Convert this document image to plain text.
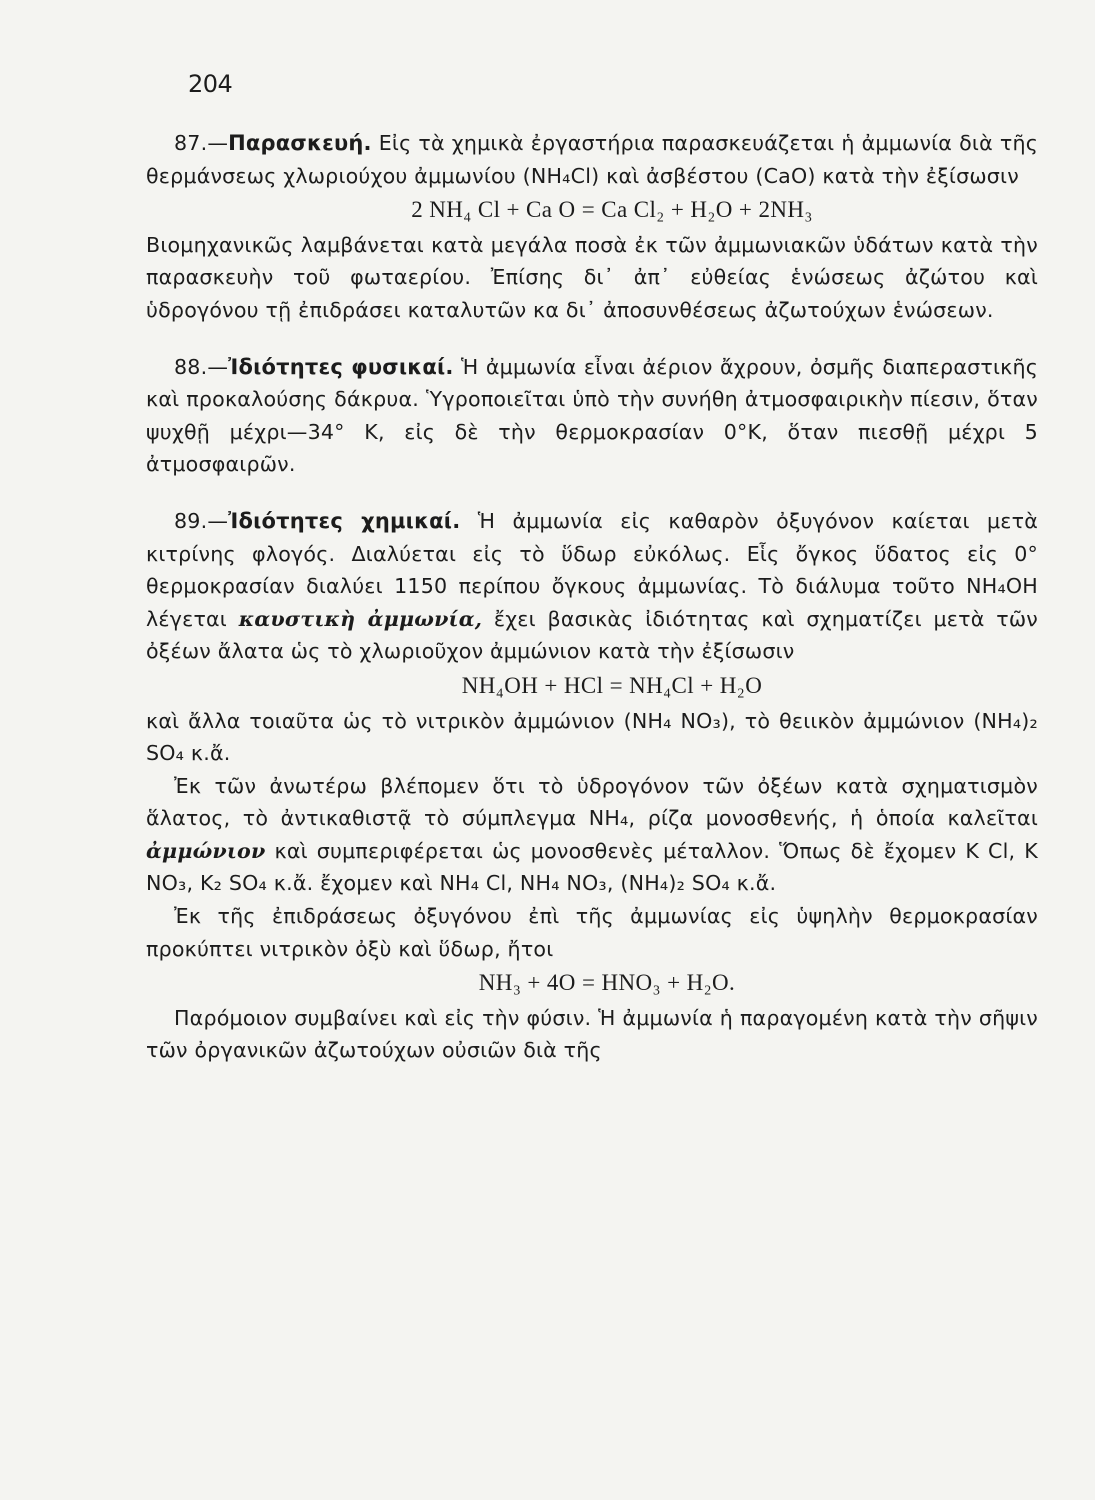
204

87.—Παρασκευή. Εἰς τὰ χημικὰ ἐργαστήρια παρασκευάζεται ἡ ἀμμωνία διὰ τῆς θερμάνσεως χλωριούχου ἀμμωνίου (NH₄Cl) καὶ ἀσβέστου (CaO) κατὰ τὴν ἐξίσωσιν

2 NH₄ Cl + Ca O = Ca Cl₂ + H₂O + 2NH₃

Βιομηχανικῶς λαμβάνεται κατὰ μεγάλα ποσὰ ἐκ τῶν ἀμμωνιακῶν ὑδάτων κατὰ τὴν παρασκευὴν τοῦ φωταερίου. Ἐπίσης δι᾽ ἀπ᾽ εὐθείας ἑνώσεως ἀζώτου καὶ ὑδρογόνου τῇ ἐπιδράσει καταλυτῶν κα δι᾽ ἀποσυνθέσεως ἀζωτούχων ἑνώσεων.

88.—Ἰδιότητες φυσικαί. Ἡ ἀμμωνία εἶναι ἀέριον ἄχρουν, ὀσμῆς διαπεραστικῆς καὶ προκαλούσης δάκρυα. Ὑγροποιεῖται ὑπὸ τὴν συνήθη ἀτμοσφαιρικὴν πίεσιν, ὅταν ψυχθῇ μέχρι—34° Κ, εἰς δὲ τὴν θερμοκρασίαν 0°Κ, ὅταν πιεσθῇ μέχρι 5 ἀτμοσφαιρῶν.

89.—Ἰδιότητες χημικαί. Ἡ ἀμμωνία εἰς καθαρὸν ὀξυγόνον καίεται μετὰ κιτρίνης φλογός. Διαλύεται εἰς τὸ ὕδωρ εὐκόλως. Εἷς ὄγκος ὕδατος εἰς 0° θερμοκρασίαν διαλύει 1150 περίπου ὄγκους ἀμμωνίας. Τὸ διάλυμα τοῦτο NH₄OH λέγεται καυστικὴ ἀμμωνία, ἔχει βασικὰς ἰδιότητας καὶ σχηματίζει μετὰ τῶν ὀξέων ἄλατα ὡς τὸ χλωριοῦχον ἀμμώνιον κατὰ τὴν ἐξίσωσιν

NH₄OH + HCl = NH₄Cl + H₂O

καὶ ἄλλα τοιαῦτα ὡς τὸ νιτρικὸν ἀμμώνιον (NH₄ NO₃), τὸ θειικὸν ἀμμώνιον (NH₄)₂ SO₄ κ.ἄ.

Ἐκ τῶν ἀνωτέρω βλέπομεν ὅτι τὸ ὑδρογόνον τῶν ὀξέων κατὰ σχηματισμὸν ἅλατος, τὸ ἀντικαθιστᾷ τὸ σύμπλεγμα NH₄, ρίζα μονοσθενής, ἡ ὁποία καλεῖται ἀμμώνιον καὶ συμπεριφέρεται ὡς μονοσθενὲς μέταλλον. Ὅπως δὲ ἔχομεν K Cl, K NO₃, K₂ SO₄ κ.ἄ. ἔχομεν καὶ NH₄ Cl, NH₄ NO₃, (NH₄)₂ SO₄ κ.ἄ.

Ἐκ τῆς ἐπιδράσεως ὀξυγόνου ἐπὶ τῆς ἀμμωνίας εἰς ὑψηλὴν θερμοκρασίαν προκύπτει νιτρικὸν ὀξὺ καὶ ὕδωρ, ἤτοι

NH₃ + 4O = HNO₃ + H₂O.

Παρόμοιον συμβαίνει καὶ εἰς τὴν φύσιν. Ἡ ἀμμωνία ἡ παραγομένη κατὰ τὴν σῆψιν τῶν ὀργανικῶν ἀζωτούχων οὐσιῶν διὰ τῆς
